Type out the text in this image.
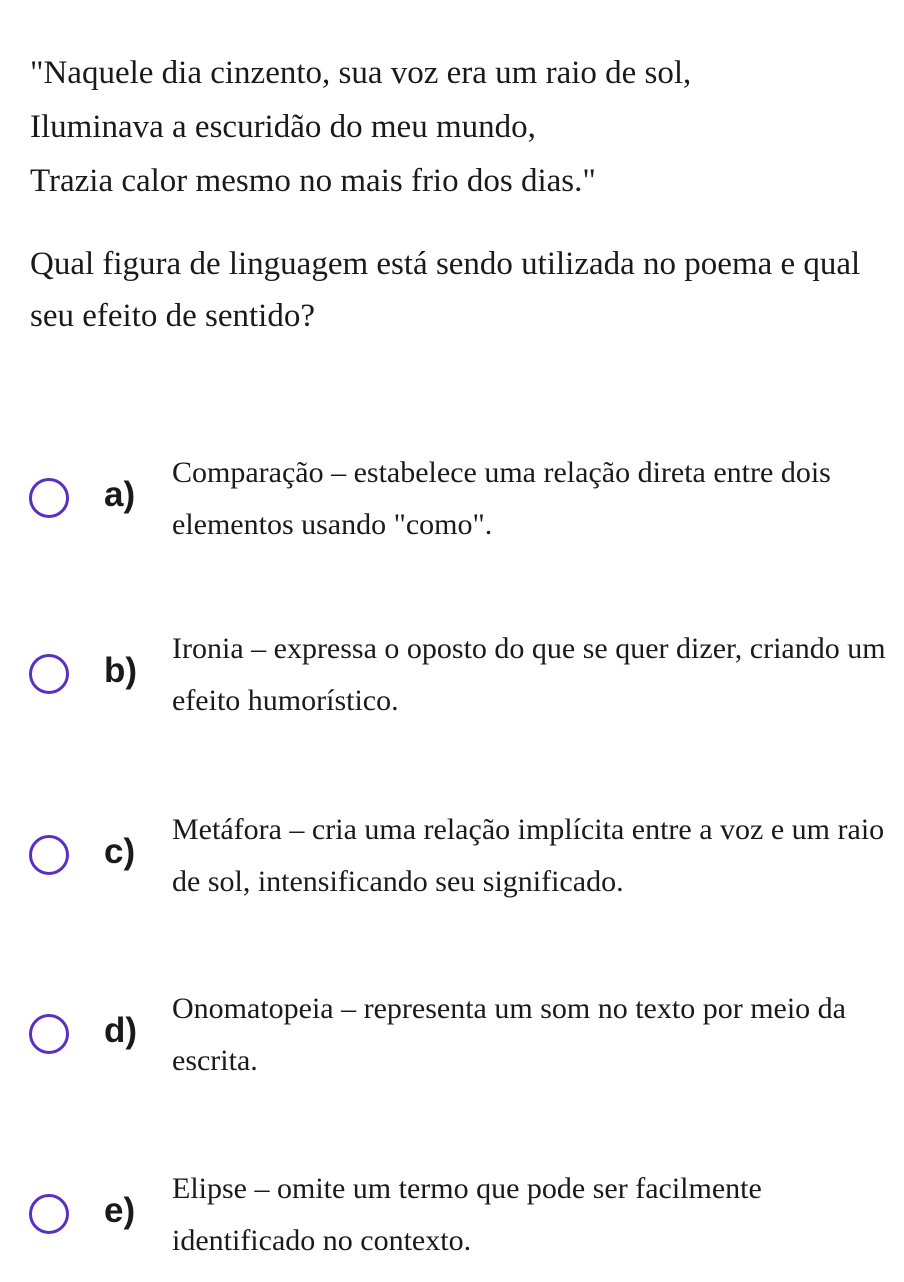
"Naquele dia cinzento, sua voz era um raio de sol,
Iluminava a escuridão do meu mundo,
Trazia calor mesmo no mais frio dos dias."
Qual figura de linguagem está sendo utilizada no poema e qual seu efeito de sentido?
a)
Comparação – estabelece uma relação direta entre dois elementos usando "como".
b)
Ironia – expressa o oposto do que se quer dizer, criando um efeito humorístico.
c)
Metáfora – cria uma relação implícita entre a voz e um raio de sol, intensificando seu significado.
d)
Onomatopeia – representa um som no texto por meio da escrita.
e)
Elipse – omite um termo que pode ser facilmente identificado no contexto.
